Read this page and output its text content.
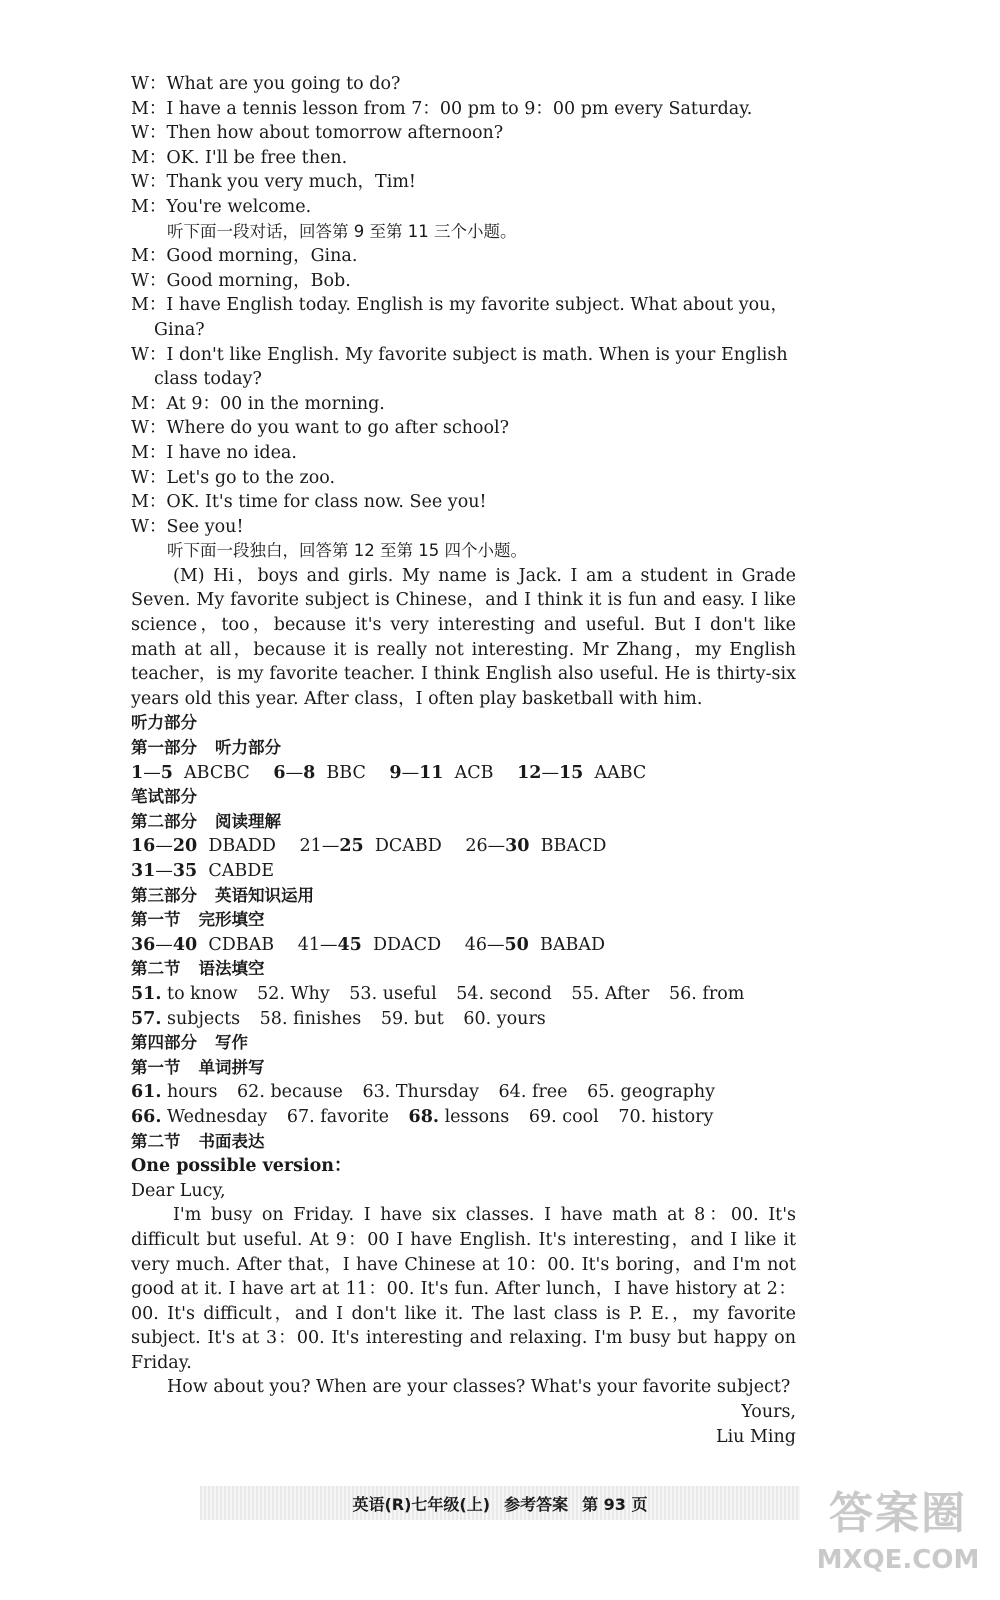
W：What are you going to do?
M：I have a tennis lesson from 7：00 pm to 9：00 pm every Saturday.
W：Then how about tomorrow afternoon?
M：OK. I'll be free then.
W：Thank you very much，Tim!
M：You're welcome.
听下面一段对话，回答第 9 至第 11 三个小题。
M：Good morning，Gina.
W：Good morning，Bob.
M：I have English today. English is my favorite subject. What about you，Gina?
W：I don't like English. My favorite subject is math. When is your English class today?
M：At 9：00 in the morning.
W：Where do you want to go after school?
M：I have no idea.
W：Let's go to the zoo.
M：OK. It's time for class now. See you!
W：See you!
听下面一段独白，回答第 12 至第 15 四个小题。
(M) Hi，boys and girls. My name is Jack. I am a student in Grade Seven. My favorite subject is Chinese，and I think it is fun and easy. I like science，too，because it's very interesting and useful. But I don't like math at all，because it is really not interesting. Mr Zhang，my English teacher，is my favorite teacher. I think English also useful. He is thirty-six years old this year. After class，I often play basketball with him.
听力部分
第一部分 听力部分
1—5 ABCBC 6—8 BBC 9—11 ACB 12—15 AABC
笔试部分
第二部分 阅读理解
16—20 DBADD 21—25 DCABD 26—30 BBACD
31—35 CABDE
第三部分 英语知识运用
第一节 完形填空
36—40 CDBAB 41—45 DDACD 46—50 BABAD
第二节 语法填空
51. to know 52. Why 53. useful 54. second 55. After 56. from
57. subjects 58. finishes 59. but 60. yours
第四部分 写作
第一节 单词拼写
61. hours 62. because 63. Thursday 64. free 65. geography
66. Wednesday 67. favorite 68. lessons 69. cool 70. history
第二节 书面表达
One possible version：
Dear Lucy,
I'm busy on Friday. I have six classes. I have math at 8：00. It's difficult but useful. At 9：00 I have English. It's interesting，and I like it very much. After that，I have Chinese at 10：00. It's boring，and I'm not good at it. I have art at 11：00. It's fun. After lunch，I have history at 2：00. It's difficult，and I don't like it. The last class is P. E.，my favorite subject. It's at 3：00. It's interesting and relaxing. I'm busy but happy on Friday.
How about you? When are your classes? What's your favorite subject?
Yours,
Liu Ming
英语(R)七年级(上) 参考答案 第 93 页	答案圈
MXQE.COM
